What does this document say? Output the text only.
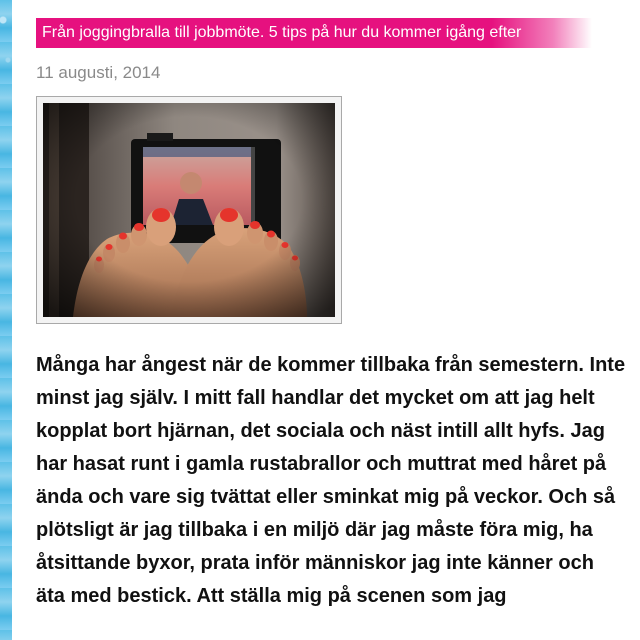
Från joggingbralla till jobbmöte. 5 tips på hur du kommer igång efter
11 augusti, 2014
Många har ångest när de kommer tillbaka från semestern. Inte minst jag själv. I mitt fall handlar det mycket om att jag helt kopplat bort hjärnan, det sociala och näst intill allt hyfs. Jag har hasat runt i gamla rustabrallor och muttrat med håret på ända och vare sig tvättat eller sminkat mig på veckor. Och så plötsligt är jag tillbaka i en miljö där jag måste föra mig, ha åtsittande byxor, prata inför människor jag inte känner och äta med bestick. Att ställa mig på scenen som jag
